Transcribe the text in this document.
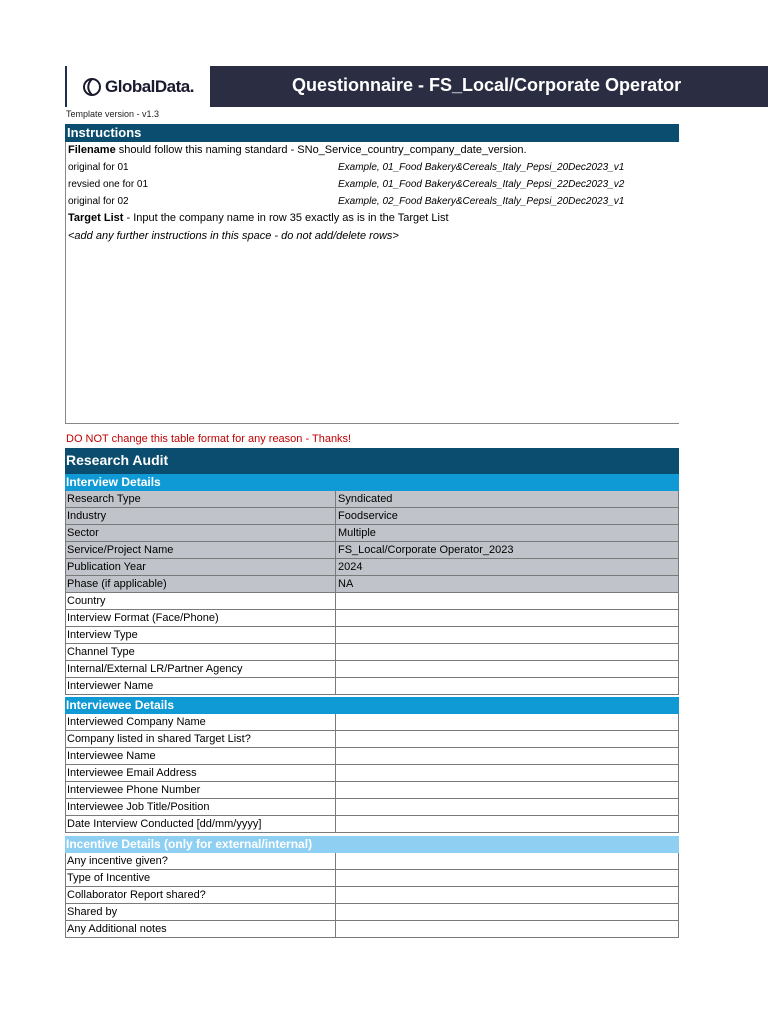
GlobalData.	Questionnaire - FS_Local/Corporate Operator
Template version - v1.3
Instructions
Filename should follow this naming standard - SNo_Service_country_company_date_version.
original for 01	Example, 01_Food Bakery&Cereals_Italy_Pepsi_20Dec2023_v1
revsied one for 01	Example, 01_Food Bakery&Cereals_Italy_Pepsi_22Dec2023_v2
original for 02	Example, 02_Food Bakery&Cereals_Italy_Pepsi_20Dec2023_v1
Target List - Input the company name in row 35 exactly as is in the Target List
<add any further instructions in this space - do not add/delete rows>
DO NOT change this table format for any reason - Thanks!
Research Audit
Interview Details
Research Type	Syndicated
Industry	Foodservice
Sector	Multiple
Service/Project Name	FS_Local/Corporate Operator_2023
Publication Year	2024
Phase (if applicable)	NA
Country
Interview Format (Face/Phone)
Interview Type
Channel Type
Internal/External LR/Partner Agency
Interviewer Name
Interviewee Details
Interviewed Company Name
Company listed in shared Target List?
Interviewee Name
Interviewee Email Address
Interviewee Phone Number
Interviewee Job Title/Position
Date Interview Conducted [dd/mm/yyyy]
Incentive Details (only for external/internal)
Any incentive given?
Type of Incentive
Collaborator Report shared?
Shared by
Any Additional notes
